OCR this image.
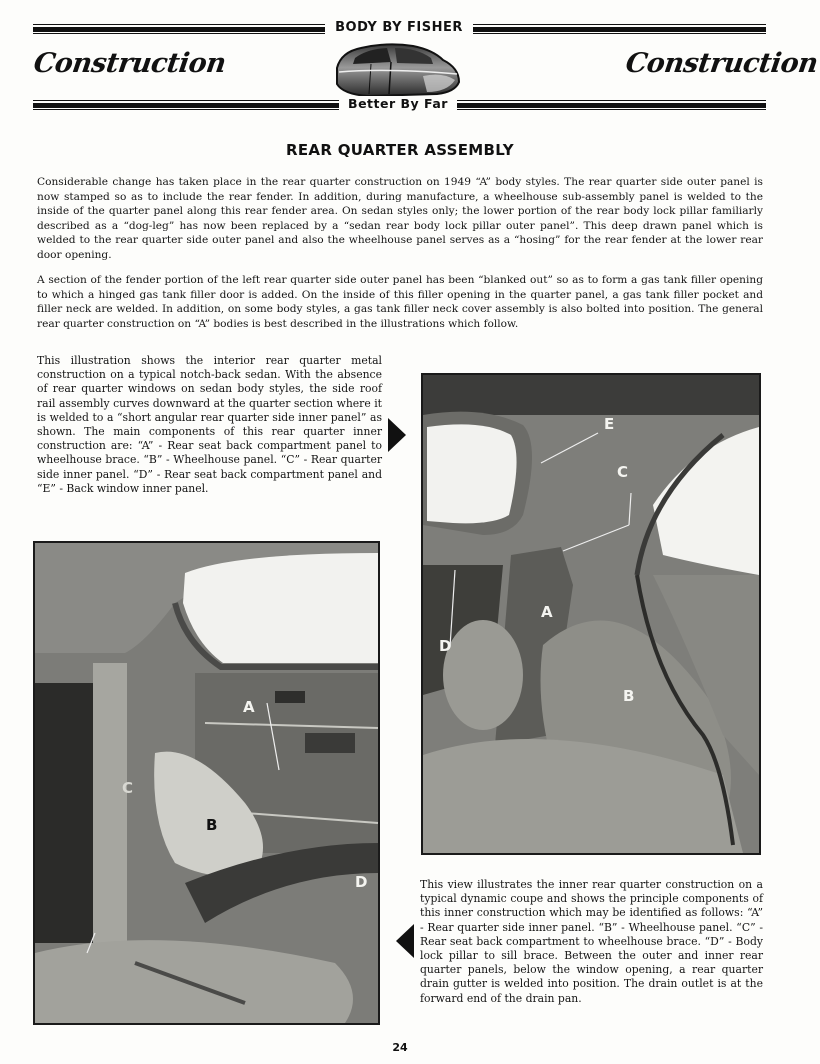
BODY BY FISHER
Construction	Construction
Better By Far
REAR QUARTER ASSEMBLY

Considerable change has taken place in the rear quarter construction on 1949 “A” body styles. The rear quarter side outer panel is now stamped so as to include the rear fender. In addition, during manufacture, a wheelhouse sub-assembly panel is welded to the inside of the quarter panel along this rear fender area. On sedan styles only; the lower portion of the rear body lock pillar familiarly described as a “dog-leg” has now been replaced by a “sedan rear body lock pillar outer panel”. This deep drawn panel which is welded to the rear quarter side outer panel and also the wheelhouse panel serves as a “hosing” for the rear fender at the lower rear door opening.

A section of the fender portion of the left rear quarter side outer panel has been “blanked out” so as to form a gas tank filler opening to which a hinged gas tank filler door is added. On the inside of this filler opening in the quarter panel, a gas tank filler pocket and filler neck are welded. In addition, on some body styles, a gas tank filler neck cover assembly is also bolted into position. The general rear quarter construction on “A” bodies is best described in the illustrations which follow.

This illustration shows the interior rear quarter metal construction on a typical notch-back sedan. With the absence of rear quarter windows on sedan body styles, the side roof rail assembly curves downward at the quarter section where it is welded to a “short angular rear quarter side inner panel” as shown. The main components of this rear quarter inner construction are: “A” - Rear seat back compartment panel to wheelhouse brace. “B” - Wheelhouse panel. “C” - Rear quarter side inner panel. “D” - Rear seat back compartment panel and “E” - Back window inner panel.

E
C
A
D
B
A
C
B
D	This view illustrates the inner rear quarter construction on a typical dynamic coupe and shows the principle components of this inner construction which may be identified as follows: “A” - Rear quarter side inner panel. “B” - Wheelhouse panel. “C” - Rear seat back compartment to wheelhouse brace. “D” - Body lock pillar to sill brace. Between the outer and inner rear quarter panels, below the window opening, a rear quarter drain gutter is welded into position. The drain outlet is at the forward end of the drain pan.

24
